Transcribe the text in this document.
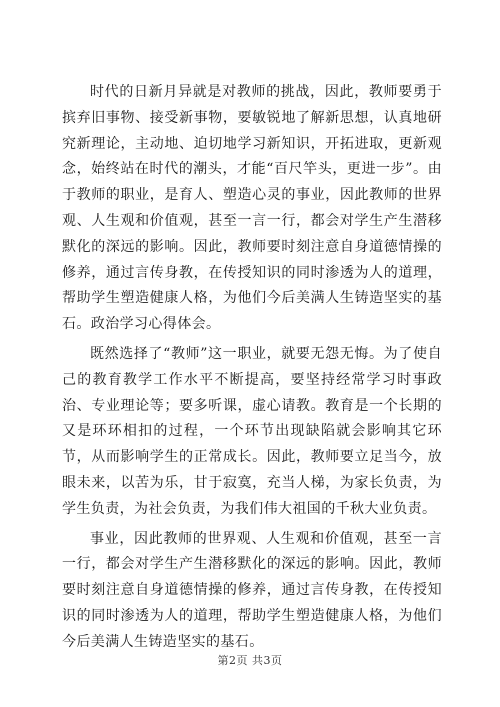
时代的日新月异就是对教师的挑战，因此，教师要勇于摈弃旧事物、接受新事物，要敏锐地了解新思想，认真地研究新理论，主动地、迫切地学习新知识，开拓进取，更新观念，始终站在时代的潮头，才能“百尺竿头，更进一步”。由于教师的职业，是育人、塑造心灵的事业，因此教师的世界观、人生观和价值观，甚至一言一行，都会对学生产生潜移默化的深远的影响。因此，教师要时刻注意自身道德情操的修养，通过言传身教，在传授知识的同时渗透为人的道理，帮助学生塑造健康人格，为他们今后美满人生铸造坚实的基石。政治学习心得体会。

既然选择了“教师”这一职业，就要无怨无悔。为了使自己的教育教学工作水平不断提高，要坚持经常学习时事政治、专业理论等；要多听课，虚心请教。教育是一个长期的又是环环相扣的过程，一个环节出现缺陷就会影响其它环节，从而影响学生的正常成长。因此，教师要立足当今，放眼未来，以苦为乐，甘于寂寞，充当人梯，为家长负责，为学生负责，为社会负责，为我们伟大祖国的千秋大业负责。

事业，因此教师的世界观、人生观和价值观，甚至一言一行，都会对学生产生潜移默化的深远的影响。因此，教师要时刻注意自身道德情操的修养，通过言传身教，在传授知识的同时渗透为人的道理，帮助学生塑造健康人格，为他们今后美满人生铸造坚实的基石。

第2页 共3页
